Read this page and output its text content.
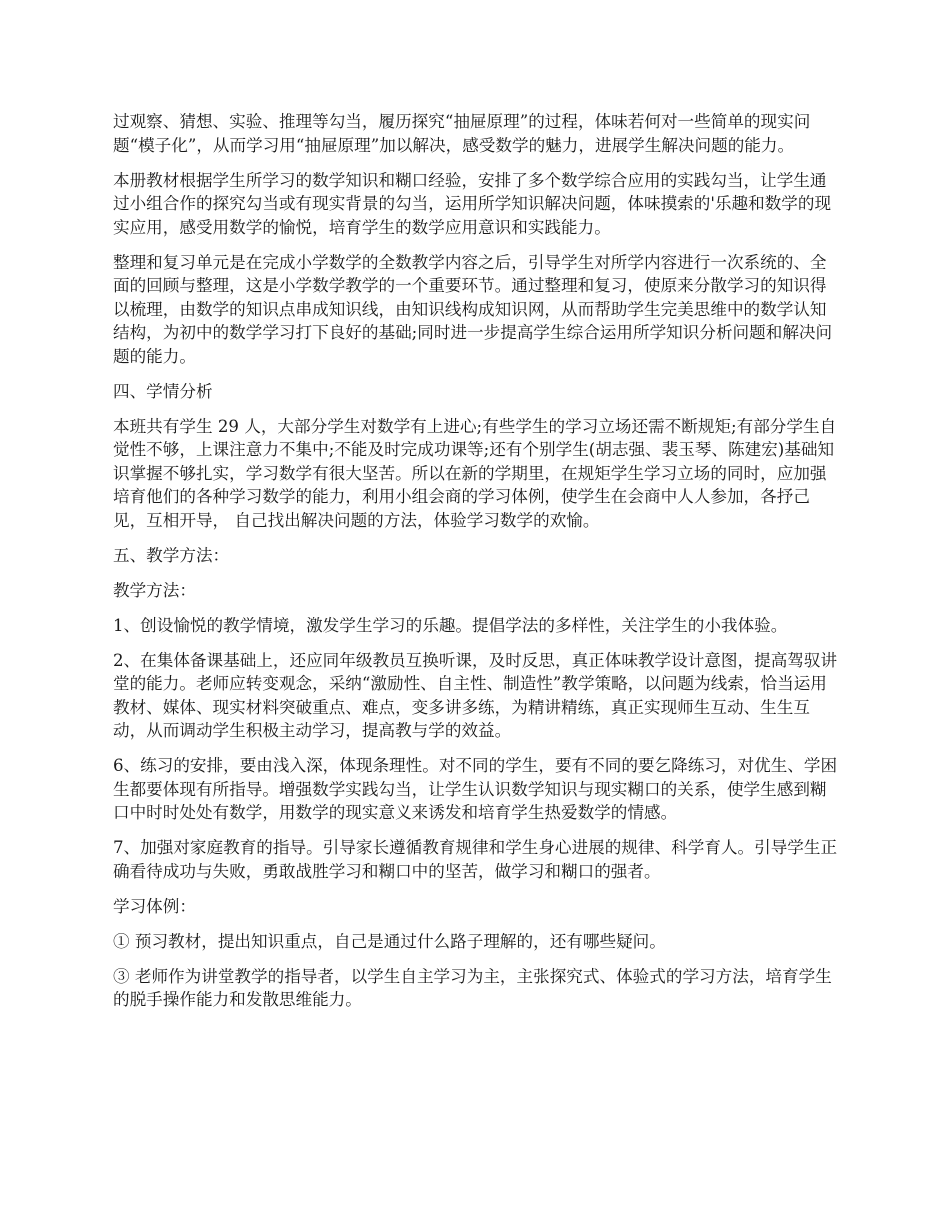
过观察、猜想、实验、推理等勾当，履历探究“抽屉原理”的过程，体味若何对一些简单的现实问题“模子化”，从而学习用“抽屉原理”加以解决，感受数学的魅力，进展学生解决问题的能力。

本册教材根据学生所学习的数学知识和糊口经验，安排了多个数学综合应用的实践勾当，让学生通过小组合作的探究勾当或有现实背景的勾当，运用所学知识解决问题，体味摸索的'乐趣和数学的现实应用，感受用数学的愉悦，培育学生的数学应用意识和实践能力。

整理和复习单元是在完成小学数学的全数教学内容之后，引导学生对所学内容进行一次系统的、全面的回顾与整理，这是小学数学教学的一个重要环节。通过整理和复习，使原来分散学习的知识得以梳理，由数学的知识点串成知识线，由知识线构成知识网，从而帮助学生完美思维中的数学认知结构，为初中的数学学习打下良好的基础;同时进一步提高学生综合运用所学知识分析问题和解决问题的能力。

四、学情分析

本班共有学生 29 人，大部分学生对数学有上进心;有些学生的学习立场还需不断规矩;有部分学生自觉性不够，上课注意力不集中;不能及时完成功课等;还有个别学生(胡志强、裴玉琴、陈建宏)基础知识掌握不够扎实，学习数学有很大坚苦。所以在新的学期里，在规矩学生学习立场的同时，应加强培育他们的各种学习数学的能力，利用小组会商的学习体例，使学生在会商中人人参加，各抒己见，互相开导， 自己找出解决问题的方法，体验学习数学的欢愉。

五、教学方法：

教学方法：

1、创设愉悦的教学情境，激发学生学习的乐趣。提倡学法的多样性，关注学生的小我体验。

2、在集体备课基础上，还应同年级教员互换听课，及时反思，真正体味教学设计意图，提高驾驭讲堂的能力。老师应转变观念，采纳“激励性、自主性、制造性”教学策略，以问题为线索，恰当运用教材、媒体、现实材料突破重点、难点，变多讲多练，为精讲精练，真正实现师生互动、生生互动，从而调动学生积极主动学习，提高教与学的效益。

6、练习的安排，要由浅入深，体现条理性。对不同的学生，要有不同的要乞降练习，对优生、学困生都要体现有所指导。增强数学实践勾当，让学生认识数学知识与现实糊口的关系，使学生感到糊口中时时处处有数学，用数学的现实意义来诱发和培育学生热爱数学的情感。

7、加强对家庭教育的指导。引导家长遵循教育规律和学生身心进展的规律、科学育人。引导学生正确看待成功与失败，勇敢战胜学习和糊口中的坚苦，做学习和糊口的强者。

学习体例：

① 预习教材，提出知识重点，自己是通过什么路子理解的，还有哪些疑问。

③ 老师作为讲堂教学的指导者，以学生自主学习为主，主张探究式、体验式的学习方法，培育学生的脱手操作能力和发散思维能力。
